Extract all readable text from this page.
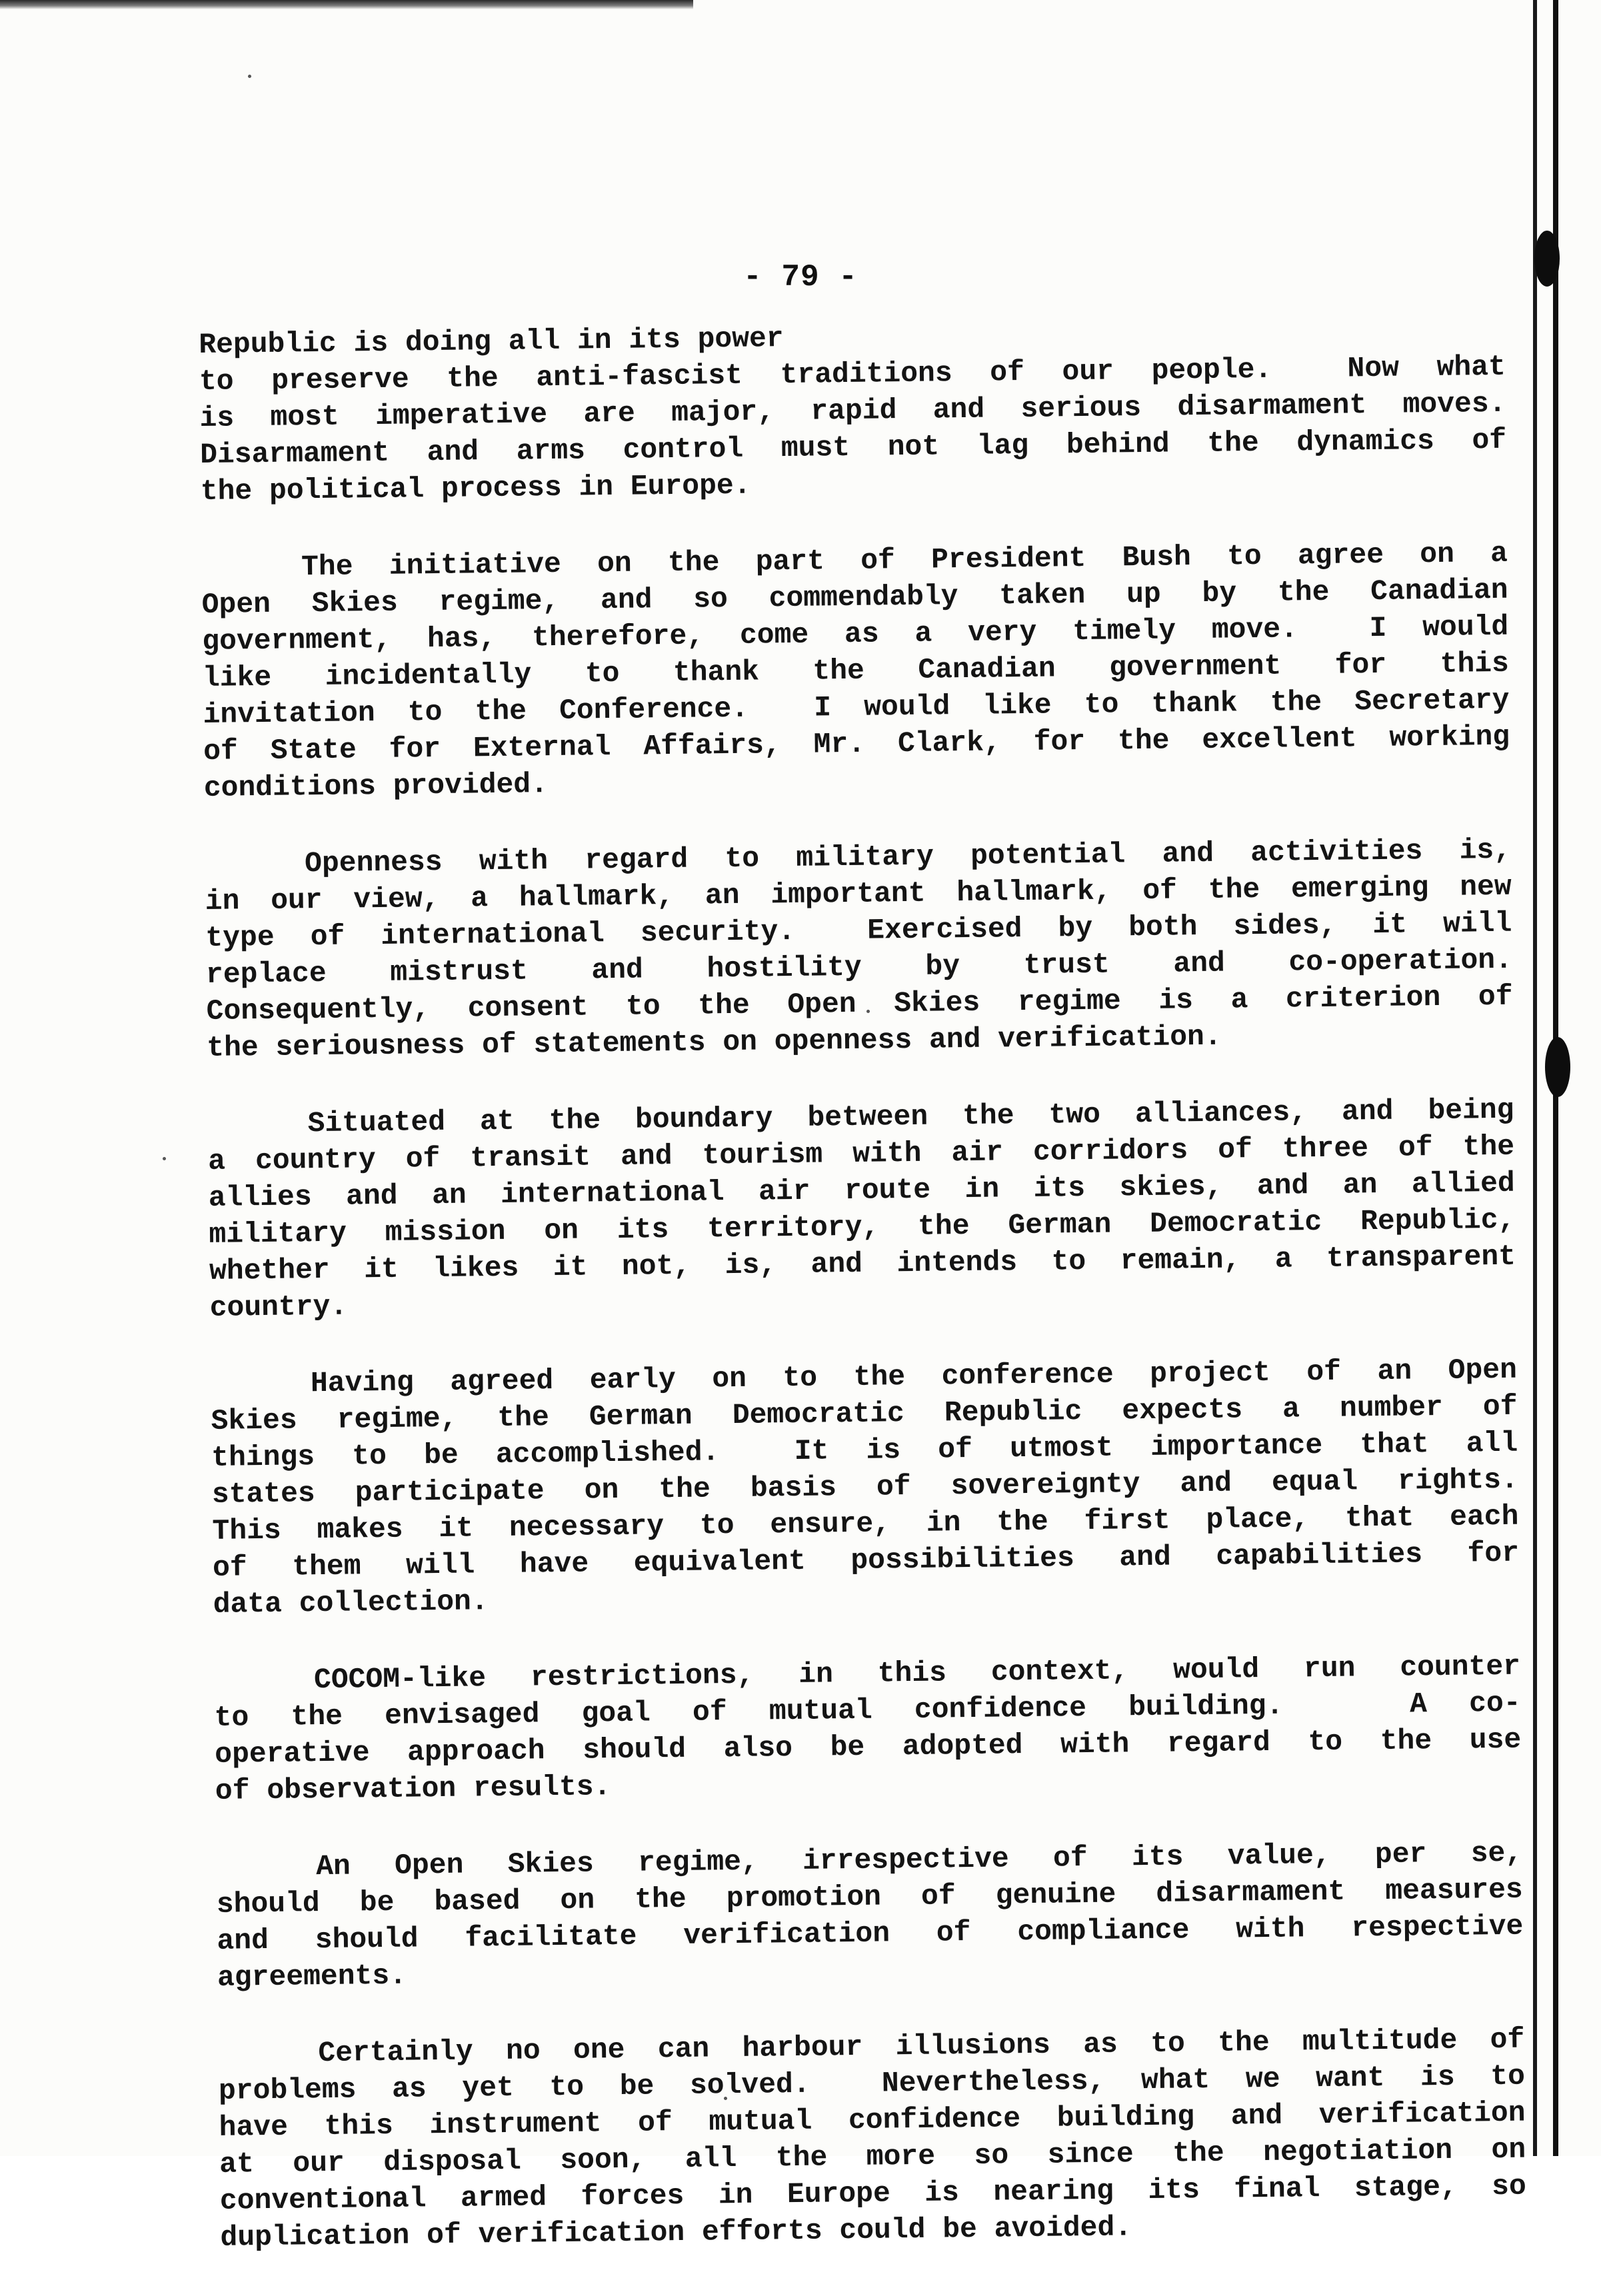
- 79 -
Republic is doing all in its power
to preserve the anti-fascist traditions of our people.  Now what
is most imperative are major, rapid and serious disarmament moves.
Disarmament and arms control must not lag behind the dynamics of
the political process in Europe.
The initiative on the part of President Bush to agree on a
Open Skies regime, and so commendably taken up by the Canadian
government, has, therefore, come as a very timely move.  I would
like incidentally to thank the Canadian government for this
invitation to the Conference.  I would like to thank the Secretary
of State for External Affairs, Mr. Clark, for the excellent working
conditions provided.
Openness with regard to military potential and activities is,
in our view, a hallmark, an important hallmark, of the emerging new
type of international security.  Exercised by both sides, it will
replace mistrust and hostility by trust and co-operation.
Consequently, consent to the Open Skies regime is a criterion of
the seriousness of statements on openness and verification.
Situated at the boundary between the two alliances, and being
a country of transit and tourism with air corridors of three of the
allies and an international air route in its skies, and an allied
military mission on its territory, the German Democratic Republic,
whether it likes it not, is, and intends to remain, a transparent
country.
Having agreed early on to the conference project of an Open
Skies regime, the German Democratic Republic expects a number of
things to be accomplished.  It is of utmost importance that all
states participate on the basis of sovereignty and equal rights.
This makes it necessary to ensure, in the first place, that each
of them will have equivalent possibilities and capabilities for
data collection.
COCOM-like restrictions, in this context, would run counter
to the envisaged goal of mutual confidence building.   A co-
operative approach should also be adopted with regard to the use
of observation results.
An Open Skies regime, irrespective of its value, per se,
should be based on the promotion of genuine disarmament measures
and should facilitate verification of compliance with respective
agreements.
Certainly no one can harbour illusions as to the multitude of
problems as yet to be solved.  Nevertheless, what we want is to
have this instrument of mutual confidence building and verification
at our disposal soon, all the more so since the negotiation on
conventional armed forces in Europe is nearing its final stage, so
duplication of verification efforts could be avoided.
